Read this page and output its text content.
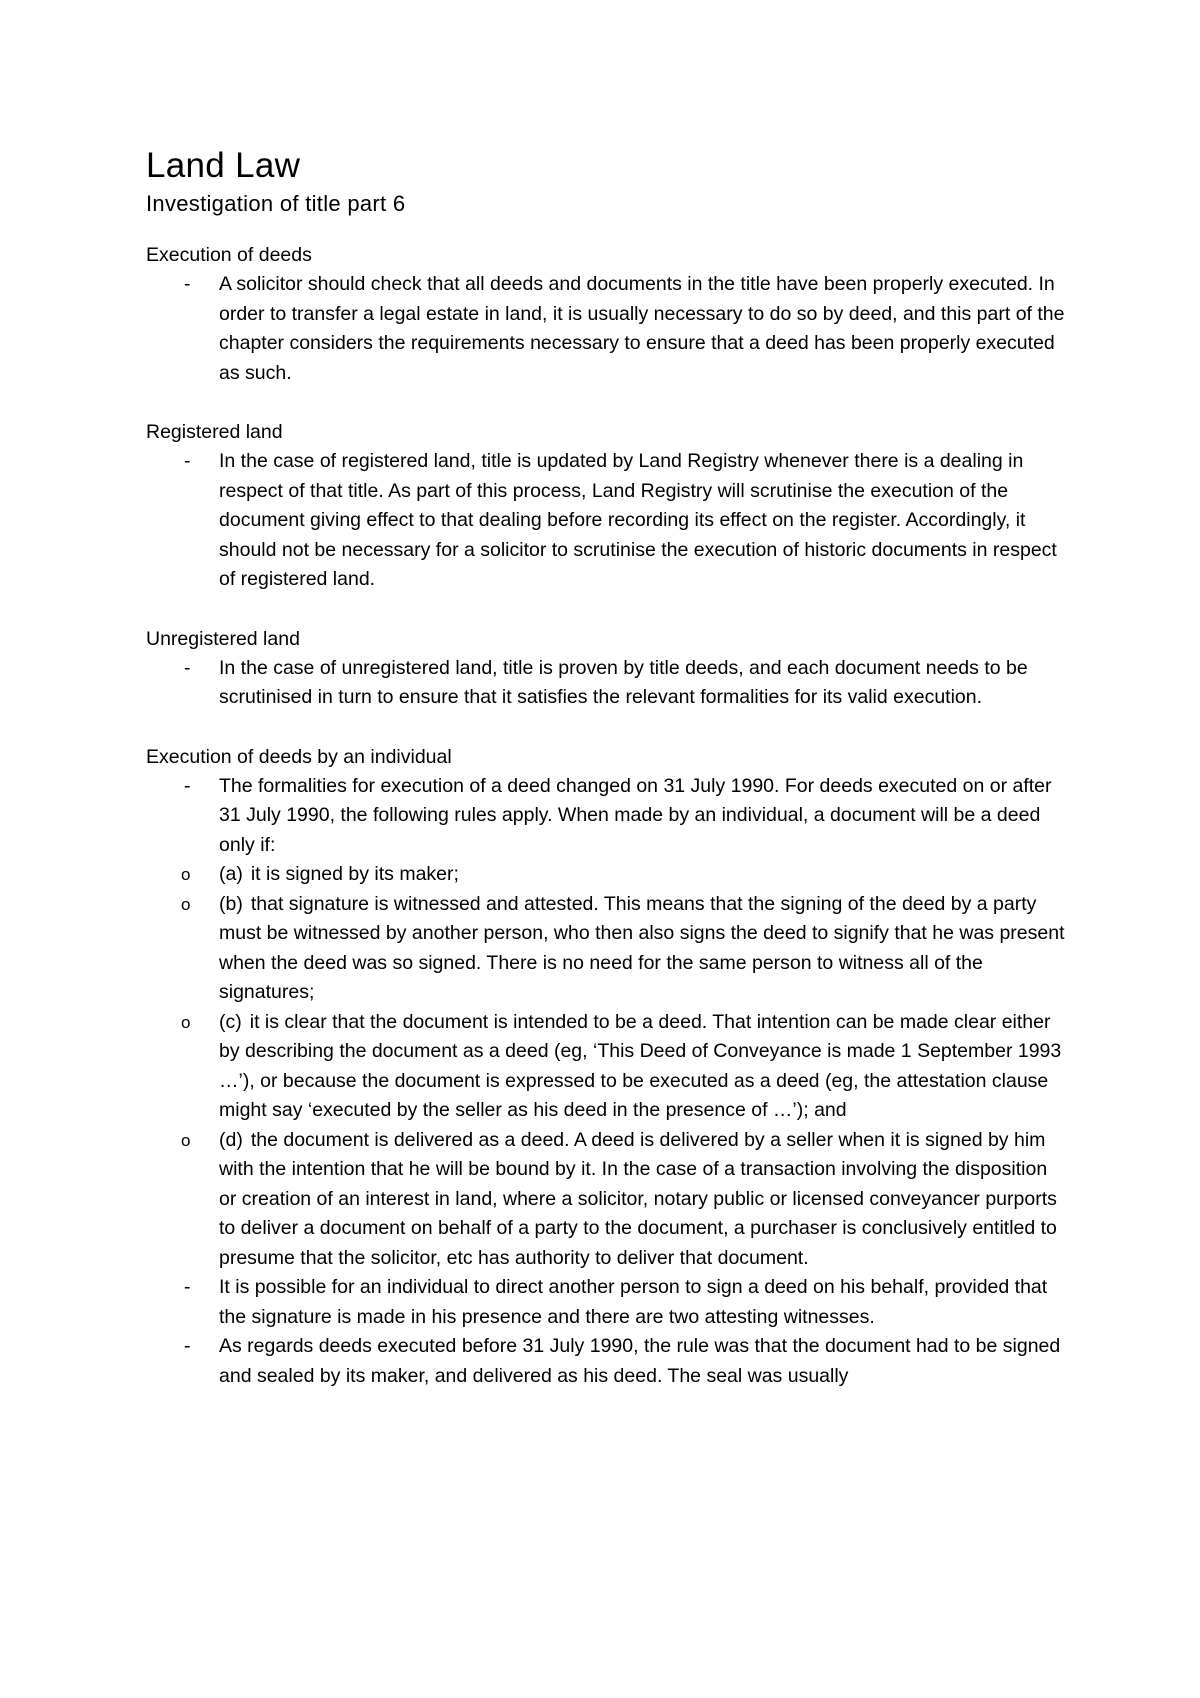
Land Law
Investigation of title part 6
Execution of deeds
- A solicitor should check that all deeds and documents in the title have been properly executed. In order to transfer a legal estate in land, it is usually necessary to do so by deed, and this part of the chapter considers the requirements necessary to ensure that a deed has been properly executed as such.
Registered land
- In the case of registered land, title is updated by Land Registry whenever there is a dealing in respect of that title. As part of this process, Land Registry will scrutinise the execution of the document giving effect to that dealing before recording its effect on the register. Accordingly, it should not be necessary for a solicitor to scrutinise the execution of historic documents in respect of registered land.
Unregistered land
- In the case of unregistered land, title is proven by title deeds, and each document needs to be scrutinised in turn to ensure that it satisfies the relevant formalities for its valid execution.
Execution of deeds by an individual
- The formalities for execution of a deed changed on 31 July 1990. For deeds executed on or after 31 July 1990, the following rules apply. When made by an individual, a document will be a deed only if:
o (a) it is signed by its maker;
o (b) that signature is witnessed and attested. This means that the signing of the deed by a party must be witnessed by another person, who then also signs the deed to signify that he was present when the deed was so signed. There is no need for the same person to witness all of the signatures;
o (c) it is clear that the document is intended to be a deed. That intention can be made clear either by describing the document as a deed (eg, ‘This Deed of Conveyance is made 1 September 1993 …’), or because the document is expressed to be executed as a deed (eg, the attestation clause might say ‘executed by the seller as his deed in the presence of …’); and
o (d) the document is delivered as a deed. A deed is delivered by a seller when it is signed by him with the intention that he will be bound by it. In the case of a transaction involving the disposition or creation of an interest in land, where a solicitor, notary public or licensed conveyancer purports to deliver a document on behalf of a party to the document, a purchaser is conclusively entitled to presume that the solicitor, etc has authority to deliver that document.
- It is possible for an individual to direct another person to sign a deed on his behalf, provided that the signature is made in his presence and there are two attesting witnesses.
- As regards deeds executed before 31 July 1990, the rule was that the document had to be signed and sealed by its maker, and delivered as his deed. The seal was usually
